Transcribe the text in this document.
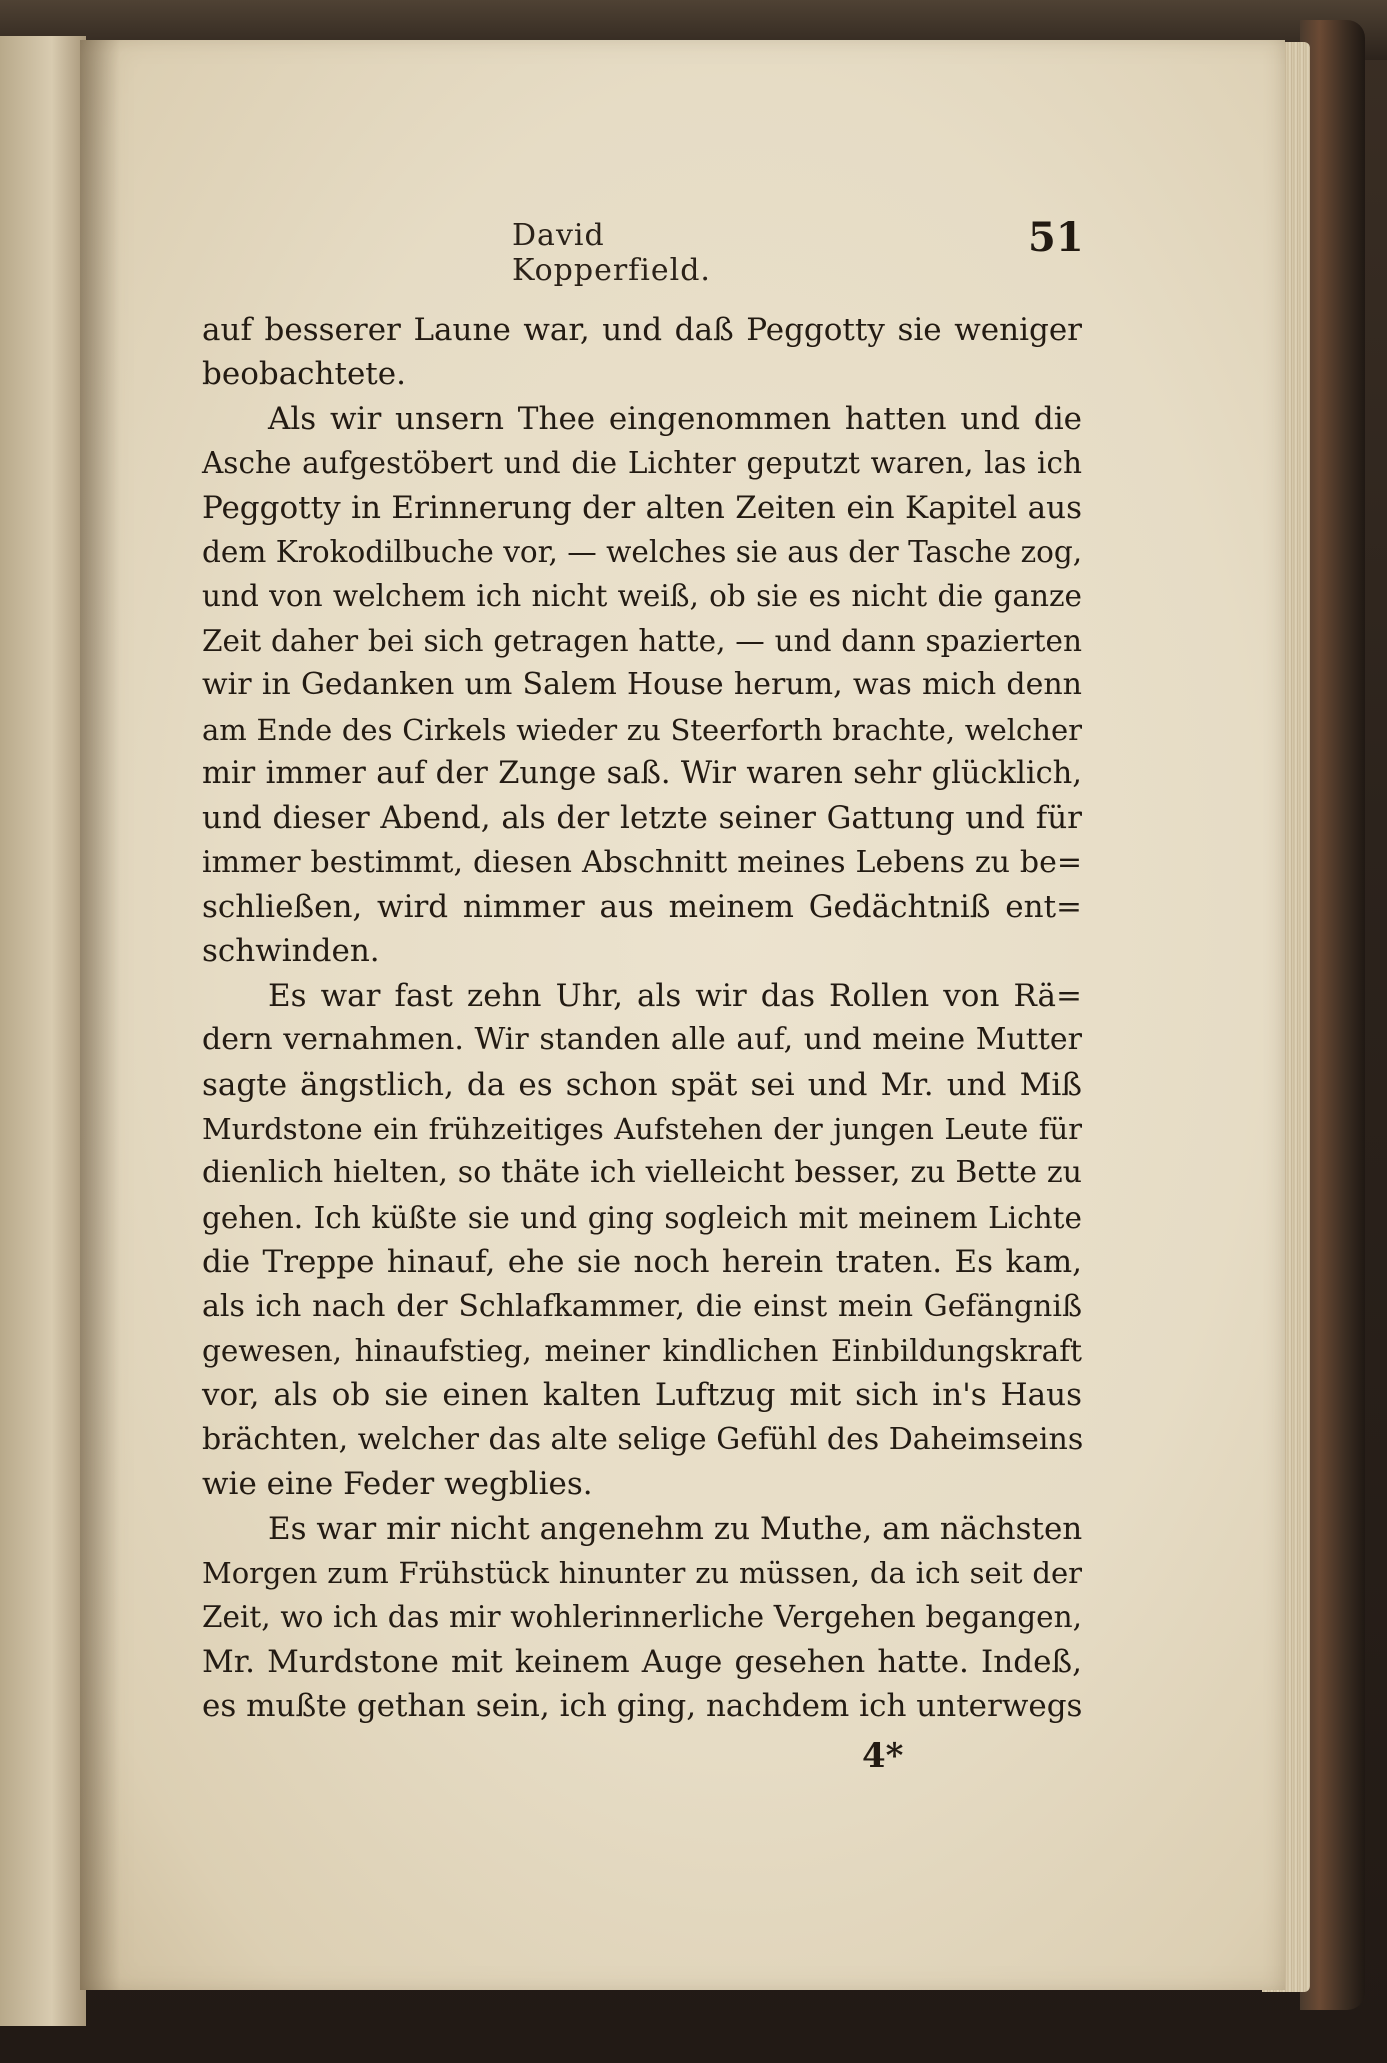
David Kopperfield.
51
auf besserer Laune war, und daß Peggotty sie weniger
beobachtete.
Als wir unsern Thee eingenommen hatten und die
Asche aufgestöbert und die Lichter geputzt waren, las ich
Peggotty in Erinnerung der alten Zeiten ein Kapitel aus
dem Krokodilbuche vor, — welches sie aus der Tasche zog,
und von welchem ich nicht weiß, ob sie es nicht die ganze
Zeit daher bei sich getragen hatte, — und dann spazierten
wir in Gedanken um Salem House herum, was mich denn
am Ende des Cirkels wieder zu Steerforth brachte, welcher
mir immer auf der Zunge saß. Wir waren sehr glücklich,
und dieser Abend, als der letzte seiner Gattung und für
immer bestimmt, diesen Abschnitt meines Lebens zu be=
schließen, wird nimmer aus meinem Gedächtniß ent=
schwinden.
Es war fast zehn Uhr, als wir das Rollen von Rä=
dern vernahmen. Wir standen alle auf, und meine Mutter
sagte ängstlich, da es schon spät sei und Mr. und Miß
Murdstone ein frühzeitiges Aufstehen der jungen Leute für
dienlich hielten, so thäte ich vielleicht besser, zu Bette zu
gehen. Ich küßte sie und ging sogleich mit meinem Lichte
die Treppe hinauf, ehe sie noch herein traten. Es kam,
als ich nach der Schlafkammer, die einst mein Gefängniß
gewesen, hinaufstieg, meiner kindlichen Einbildungskraft
vor, als ob sie einen kalten Luftzug mit sich in's Haus
brächten, welcher das alte selige Gefühl des Daheimseins
wie eine Feder wegblies.
Es war mir nicht angenehm zu Muthe, am nächsten
Morgen zum Frühstück hinunter zu müssen, da ich seit der
Zeit, wo ich das mir wohlerinnerliche Vergehen begangen,
Mr. Murdstone mit keinem Auge gesehen hatte. Indeß,
es mußte gethan sein, ich ging, nachdem ich unterwegs
4*
